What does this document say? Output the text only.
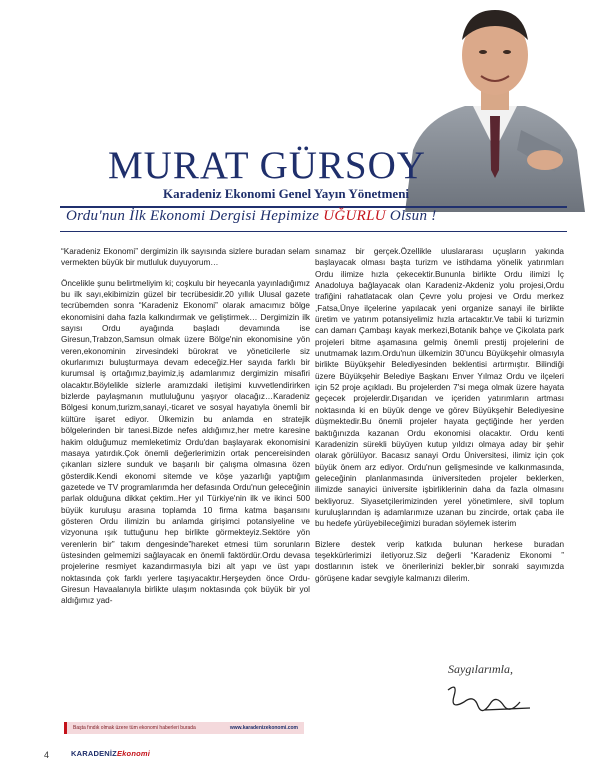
MURAT GÜRSOY
Karadeniz Ekonomi Genel Yayın Yönetmeni
Ordu'nun İlk Ekonomi Dergisi Hepimize UĞURLU Olsun !

“Karadeniz Ekonomi” dergimizin ilk sayısında sizlere buradan selam vermekten büyük bir mutluluk duyuyorum…

Öncelikle şunu belirtmeliyim ki; coşkulu bir heyecanla yayınladığımız bu ilk sayı,ekibimizin güzel bir tecrübesidir.20 yıllık Ulusal gazete tecrübemden sonra “Karadeniz Ekonomi” olarak amacımız bölge ekonomisini daha fazla kalkındırmak ve geliştirmek… Dergimizin ilk sayısı Ordu ayağında başladı devamında ise Giresun,Trabzon,Samsun olmak üzere Bölge'nin ekonomisine yön veren,ekonominin zirvesindeki bürokrat ve yöneticilerle siz okurlarımızı buluşturmaya devam edeceğiz.Her sayıda farklı bir kurumsal iş ortağımız,bayimiz,iş adamlarımız dergimizin misafiri olacaktır.Böylelikle sizlerle aramızdaki iletişimi kuvvetlendirirken bizlerde paylaşmanın mutluluğunu yaşıyor olacağız…Karadeniz Bölgesi konum,turizm,sanayi,-ticaret ve sosyal hayatıyla önemli bir kültüre işaret ediyor. Ülkemizin bu anlamda en stratejik bölgelerinden bir tanesi.Bizde nefes aldığımız,her metre karesine hakim olduğumuz memleketimiz Ordu'dan başlayarak ekonomisini masaya yatırdık.Çok önemli değerlerimizin ortak pencereisinden çıkanları sizlere sunduk ve başarılı bir çalışma olmasına özen gösterdik.Kendi ekonomi sitemde ve köşe yazarlığı yaptığım gazetede ve TV programlarımda her defasında Ordu'nun geleceğinin parlak olduğuna dikkat çektim..Her yıl Türkiye'nin ilk ve ikinci 500 büyük kuruluşu arasına toplamda 10 firma katma başarısını gösteren Ordu ilimizin bu anlamda girişimci potansiyeline ve vizyonuna ışık tuttuğunu hep birlikte görmekteyiz.Sektöre yön verenlerin bir” takım dengesinde”hareket etmesi tüm sorunların üstesinden gelmemizi sağlayacak en önemli faktördür.Ordu devasa projelerine resmiyet kazandırmasıyla bizi alt yapı ve üst yapı noktasında çok farklı yerlere taşıyacaktır.Herşeyden önce Ordu-Giresun Havaalanıyla birlikte ulaşım noktasında çok büyük bir yol aldığımız yad-

sınamaz bir gerçek.Özellikle uluslararası uçuşların yakında başlayacak olması başta turizm ve istihdama yönelik yatırımları Ordu ilimize hızla çekecektir.Bununla birlikte Ordu ilimizi İç Anadoluya bağlayacak olan Karadeniz-Akdeniz yolu projesi,Ordu trafiğini rahatlatacak olan Çevre yolu projesi ve Ordu merkez ,Fatsa,Ünye ilçelerine yapılacak yeni organize sanayi ile birlikte üretim ve yatırım potansiyelimiz hızla artacaktır.Ve tabii ki turizmin can damarı Çambaşı kayak merkezi,Botanik bahçe ve Çikolata park projeleri bitme aşamasına gelmiş önemli prestij projelerini de unutmamak lazım.Ordu'nun ülkemizin 30'uncu Büyükşehir olmasıyla birlikte Büyükşehir Belediyesinden beklentisi artırmıştır. Bilindiği üzere Büyükşehir Belediye Başkanı Enver Yılmaz Ordu ve ilçeleri için 52 proje açıkladı. Bu projelerden 7'si mega olmak üzere hayata geçecek projelerdir.Dışarıdan ve içeriden yatırımların artması noktasında ki en büyük denge ve görev Büyükşehir Belediyesine düşmektedir.Bu önemli projeler hayata geçtiğinde her yerden baktığınızda kazanan Ordu ekonomisi olacaktır. Ordu kenti Karadenizin sürekli büyüyen kutup yıldızı olmaya aday bir şehir olarak görülüyor. Bacasız sanayi Ordu Üniversitesi, ilimiz için çok büyük önem arz ediyor. Ordu'nun gelişmesinde ve kalkınmasında, geleceğinin planlanmasında üniversiteden projeler beklerken, ilimizde sanayici üniversite işbirliklerinin daha da fazla olmasını bekliyoruz. Siyasetçilerimizinden yerel yönetimlere, sivil toplum kuruluşlarından iş adamlarımıze uzanan bu zincirde, ortak çaba ile bu hedefe yürüyebileceğimizi buradan söylemek isterim

Bizlere destek verip katkıda bulunan herkese buradan teşekkürlerimizi iletiyoruz.Siz değerli “Karadeniz Ekonomi ” dostlarının istek ve önerilerinizi bekler,bir sonraki sayımızda görüşene kadar sevgiyle kalmanızı dilerim.

Saygılarımla,
Başta fındık olmak üzere tüm ekonomi haberleri burada	www.karadenizekonomi.com
4	KARADENİZEkonomi
